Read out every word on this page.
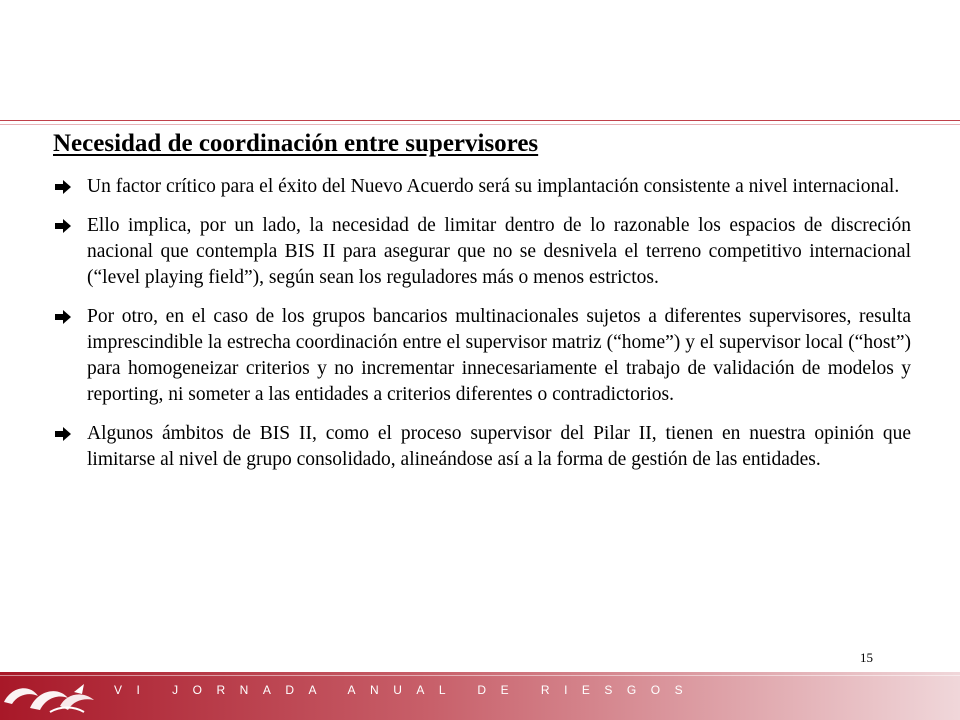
Necesidad de coordinación entre supervisores
Un factor crítico para el éxito del Nuevo Acuerdo será su implantación consistente a nivel internacional.
Ello implica, por un lado, la necesidad de limitar dentro de lo razonable los espacios de discreción nacional que contempla BIS II para asegurar que no se desnivela el terreno competitivo internacional (“level playing field”), según sean los reguladores más o menos estrictos.
Por otro, en el caso de los grupos bancarios multinacionales sujetos a diferentes supervisores, resulta imprescindible la estrecha coordinación entre el supervisor matriz (“home”) y el supervisor local (“host”) para homogeneizar criterios y no incrementar innecesariamente el trabajo de validación de modelos y reporting, ni someter a las entidades a criterios diferentes o contradictorios.
Algunos ámbitos de BIS II, como el proceso supervisor del Pilar II, tienen en nuestra opinión que limitarse al nivel de grupo consolidado, alineándose así a la forma de gestión de las entidades.
15
VI JORNADA ANUAL DE RIESGOS
